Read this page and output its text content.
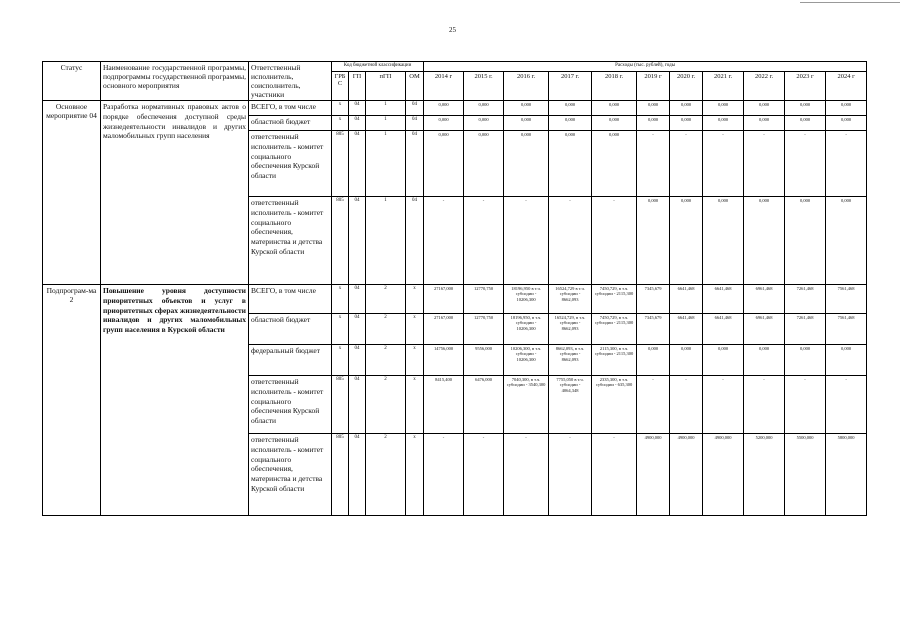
25
Статус	Наименование государственной программы, подпрограммы государственной программы, основного мероприятия	Ответственный исполнитель, соисполнитель, участники	Код бюджетной классификации				Расходы (тыс. рублей), годы										
			ГРБ С	ГП	пГП	ОМ	2014 г	2015 г.	2016 г.	2017 г.	2018 г.	2019 г	2020 г.	2021 г.	2022 г.	2023 г	2024 г
Основное мероприятие 04	Разработка нормативных правовых актов о порядке обеспечения доступной среды жизнедеятельности инвалидов и других маломобильных групп населения	ВСЕГО, в том числе	x	04	1	04	0,000	0,000	0,000	0,000	0,000	0,000	0,000	0,000	0,000	0,000	0,000
		областной бюджет	x	04	1	04	0,000	0,000	0,000	0,000	0,000	0,000	0,000	0,000	0,000	0,000	0,000
		ответственный исполнитель - комитет социального обеспечения Курской области	805	04	1	04	0,000	0,000	0,000	0,000	0,000	-	-	-	-	-	-
		ответственный исполнитель - комитет социального обеспечения, материнства и детства Курской области	805	04	1	04	-	-	-	-	-	0,000	0,000	0,000	0,000	0,000	0,000
Подпрограм-ма 2	Повышение уровня доступности приоритетных объектов и услуг в приоритетных сферах жизнедеятельности инвалидов и других маломобильных групп населения в Курской области	ВСЕГО, в том числе	x	04	2	x	27167,000	12770,750	18196,950 в т.ч. субсидии - 10206,300	16524,729 в т.ч. субсидии - 8662,093	7450,729, в т.ч. субсидии - 2115,300	7345,679	6641,468	6641,468	6961,468	7261,468	7561,468
		областной бюджет	x	04	2	x	27167,000	12770,750	18196,950, в т.ч. субсидии - 10206,300	16524,729, в т.ч. субсидии - 8662,093	7450,729, в т.ч. субсидии - 2115,300	7345,679	6641,468	6641,468	6961,468	7261,468	7561,468
		федеральный бюджет	x	04	2	x	14756,000	9556,000	10206,300, в т.ч. субсидии - 10206,300	8662,093, в т.ч. субсидии - 8662,093	2115,300, в т.ч. субсидии - 2115,300	0,000	0,000	0,000	0,000	0,000	0,000
		ответственный исполнитель - комитет социального обеспечения Курской области	805	04	2	x	8415,400	6476,000	7040,300, в т.ч. субсидии - 3540,300	7755,050 в т.ч. субсидии - 4064,348	2335,300, в т.ч. субсидии - 635,300	-	-	-	-	-	-
		ответственный исполнитель - комитет социального обеспечения, материнства и детства Курской области	805	04	2	x	-	-	-	-	-	4900,000	4900,000	4900,000	5200,000	5500,000	5800,000
